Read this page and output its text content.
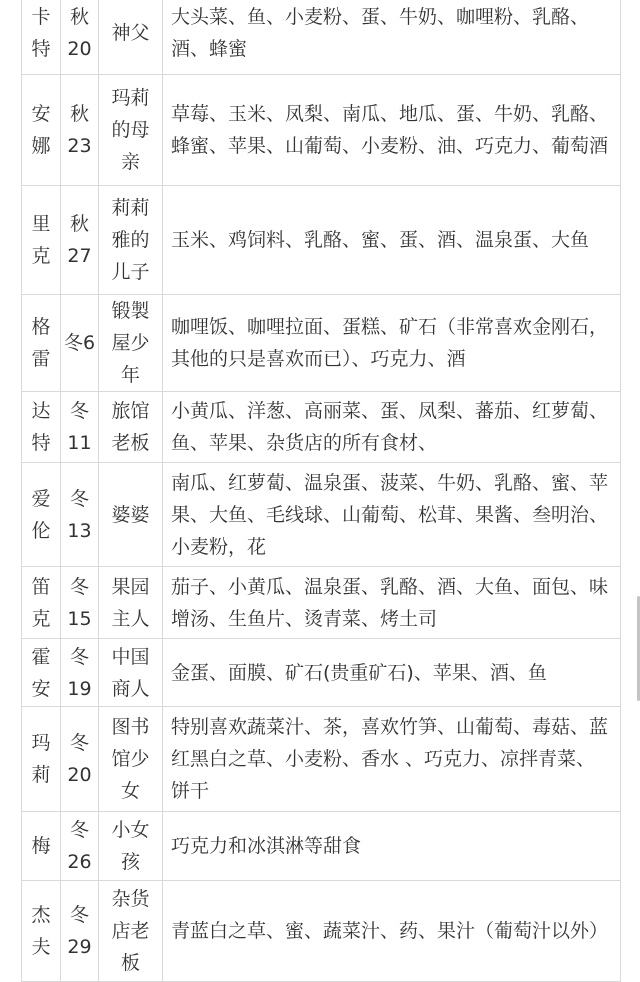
卡特	秋20	神父	大头菜、鱼、小麦粉、蛋、牛奶、咖哩粉、乳酪、酒、蜂蜜
安娜	秋23	玛莉的母亲	草莓、玉米、凤梨、南瓜、地瓜、蛋、牛奶、乳酪、蜂蜜、苹果、山葡萄、小麦粉、油、巧克力、葡萄酒
里克	秋27	莉莉雅的儿子	玉米、鸡饲料、乳酪、蜜、蛋、酒、温泉蛋、大鱼
格雷	冬6	锻製屋少年	咖哩饭、咖哩拉面、蛋糕、矿石（非常喜欢金刚石，其他的只是喜欢而已）、巧克力、酒
达特	冬11	旅馆老板	小黄瓜、洋葱、高丽菜、蛋、凤梨、蕃茄、红萝蔔、鱼、苹果、杂货店的所有食材、
爱伦	冬13	婆婆	南瓜、红萝蔔、温泉蛋、菠菜、牛奶、乳酪、蜜、苹果、大鱼、毛线球、山葡萄、松茸、果酱、叁明治、小麦粉，花
笛克	冬15	果园主人	茄子、小黄瓜、温泉蛋、乳酪、酒、大鱼、面包、味增汤、生鱼片、烫青菜、烤土司
霍安	冬19	中国商人	金蛋、面膜、矿石(贵重矿石)、苹果、酒、鱼
玛莉	冬20	图书馆少女	特别喜欢蔬菜汁、茶，喜欢竹笋、山葡萄、毒菇、蓝红黑白之草、小麦粉、香水 、巧克力、凉拌青菜、饼干
梅	冬26	小女孩	巧克力和冰淇淋等甜食
杰夫	冬29	杂货店老板	青蓝白之草、蜜、蔬菜汁、药、果汁（葡萄汁以外）
